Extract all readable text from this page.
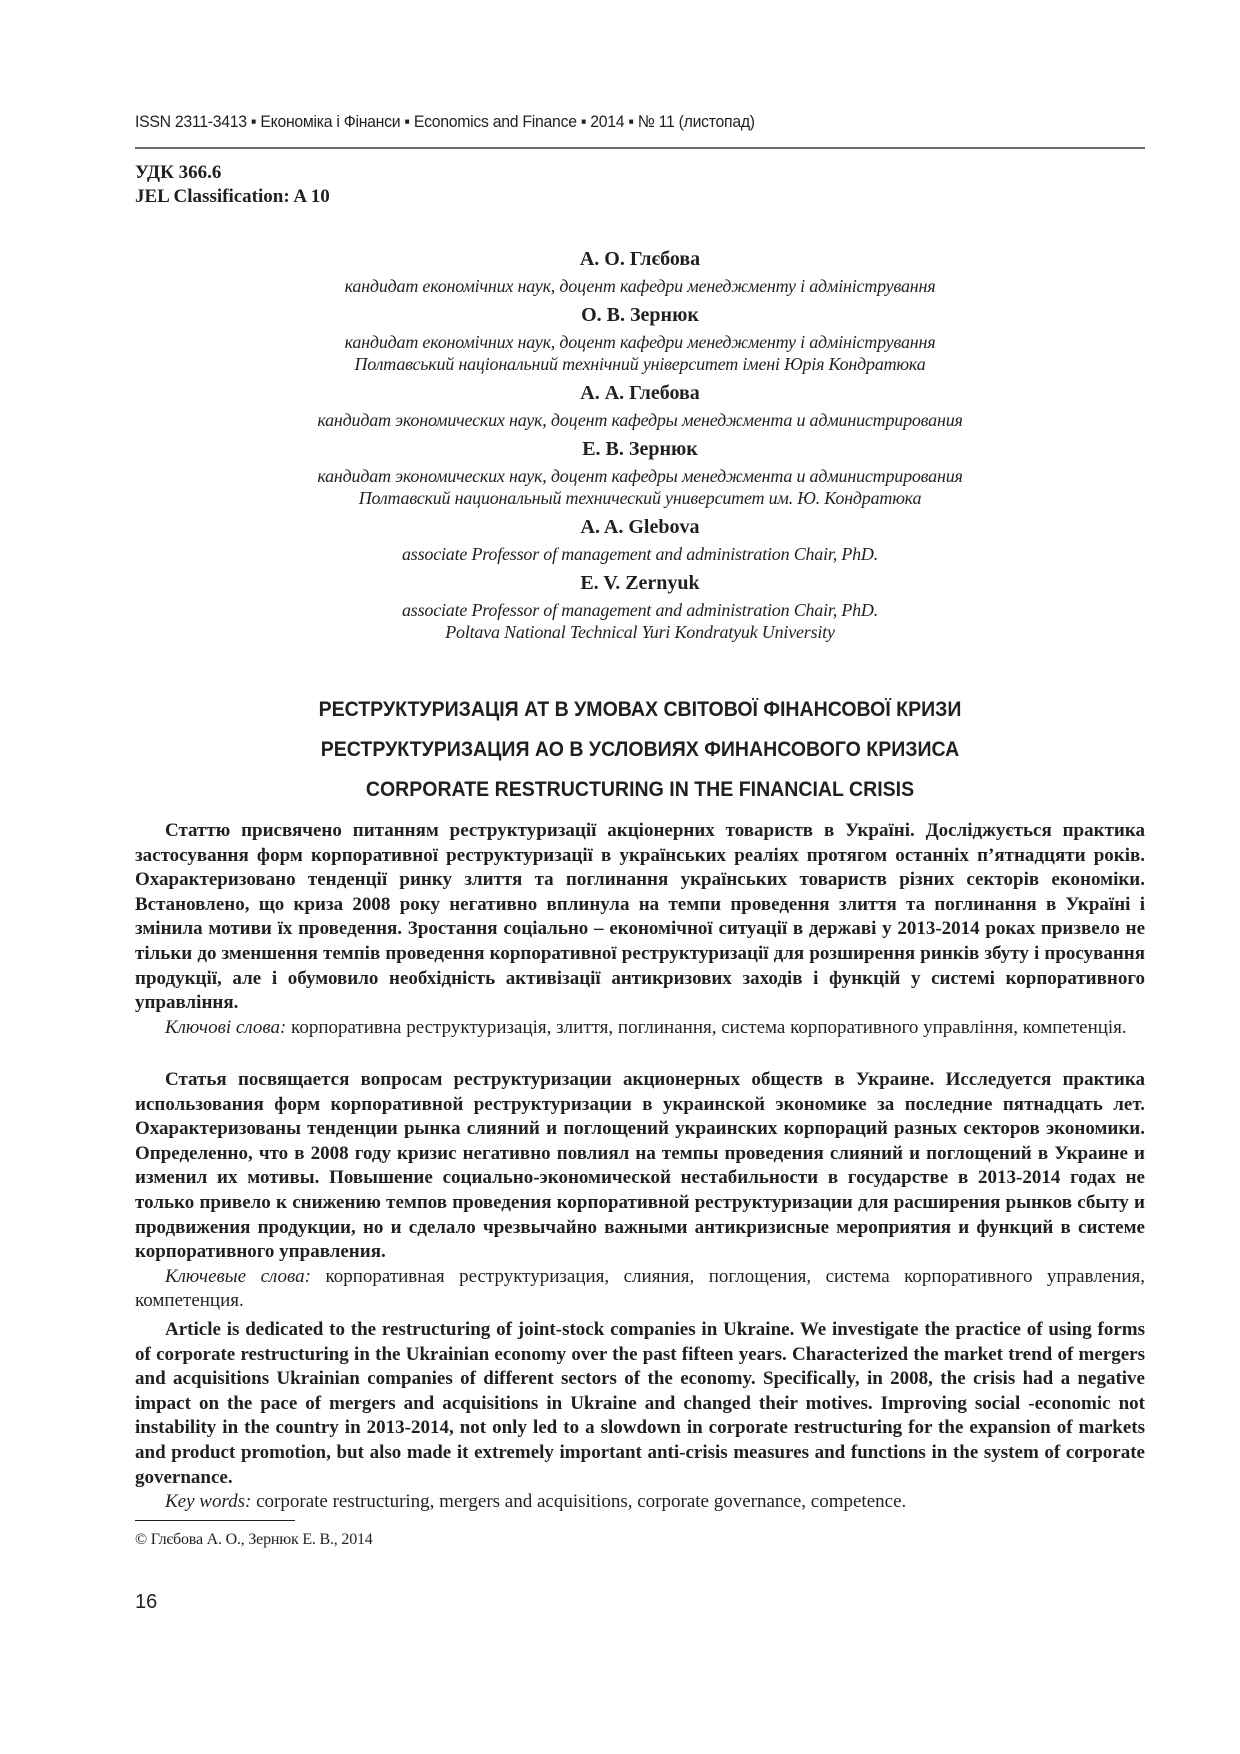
ISSN 2311-3413 ▪ Економіка і Фінанси ▪ Economics and Finance ▪ 2014 ▪ № 11 (листопад)
УДК 366.6
JEL Classification: A 10
А. О. Глєбова
кандидат економічних наук, доцент кафедри менеджменту і адміністрування
О. В. Зернюк
кандидат економічних наук, доцент кафедри менеджменту і адміністрування
Полтавський національний технічний університет імені Юрія Кондратюка
А. А. Глебова
кандидат экономических наук, доцент кафедры менеджмента и администрирования
Е. В. Зернюк
кандидат экономических наук, доцент кафедры менеджмента и администрирования
Полтавский национальный технический университет им. Ю. Кондратюка
A. A. Glebova
associate Professor of management and administration Chair, PhD.
E. V. Zernyuk
associate Professor of management and administration Chair, PhD.
Poltava National Technical Yuri Kondratyuk University
РЕСТРУКТУРИЗАЦІЯ АТ В УМОВАХ СВІТОВОЇ ФІНАНСОВОЇ КРИЗИ
РЕСТРУКТУРИЗАЦИЯ АО В УСЛОВИЯХ ФИНАНСОВОГО КРИЗИСА
CORPORATE RESTRUCTURING IN THE FINANCIAL CRISIS

Статтю присвячено питанням реструктуризації акціонерних товариств в Україні. Досліджується практика застосування форм корпоративної реструктуризації в українських реаліях протягом останніх п’ятнадцяти років. Охарактеризовано тенденції ринку злиття та поглинання українських товариств різних секторів економіки. Встановлено, що криза 2008 року негативно вплинула на темпи проведення злиття та поглинання в Україні і змінила мотиви їх проведення. Зростання соціально – економічної ситуації в державі у 2013-2014 роках призвело не тільки до зменшення темпів проведення корпоративної реструктуризації для розширення ринків збуту і просування продукції, але і обумовило необхідність активізації антикризових заходів і функцій у системі корпоративного управління.

Ключові слова: корпоративна реструктуризація, злиття, поглинання, система корпоративного управління, компетенція.

Статья посвящается вопросам реструктуризации акционерных обществ в Украине. Исследуется практика использования форм корпоративной реструктуризации в украинской экономике за последние пятнадцать лет. Охарактеризованы тенденции рынка слияний и поглощений украинских корпораций разных секторов экономики. Определенно, что в 2008 году кризис негативно повлиял на темпы проведения слияний и поглощений в Украине и изменил их мотивы. Повышение социально-экономической нестабильности в государстве в 2013-2014 годах не только привело к снижению темпов проведения корпоративной реструктуризации для расширения рынков сбыту и продвижения продукции, но и сделало чрезвычайно важными антикризисные мероприятия и функций в системе корпоративного управления.

Ключевые слова: корпоративная реструктуризация, слияния, поглощения, система корпоративного управления, компетенция.

Article is dedicated to the restructuring of joint-stock companies in Ukraine. We investigate the practice of using forms of corporate restructuring in the Ukrainian economy over the past fifteen years. Characterized the market trend of mergers and acquisitions Ukrainian companies of different sectors of the economy. Specifically, in 2008, the crisis had a negative impact on the pace of mergers and acquisitions in Ukraine and changed their motives. Improving social -economic not instability in the country in 2013-2014, not only led to a slowdown in corporate restructuring for the expansion of markets and product promotion, but also made it extremely important anti-crisis measures and functions in the system of corporate governance.

Key words: corporate restructuring, mergers and acquisitions, corporate governance, competence.

© Глєбова А. О., Зернюк Е. В., 2014
16
